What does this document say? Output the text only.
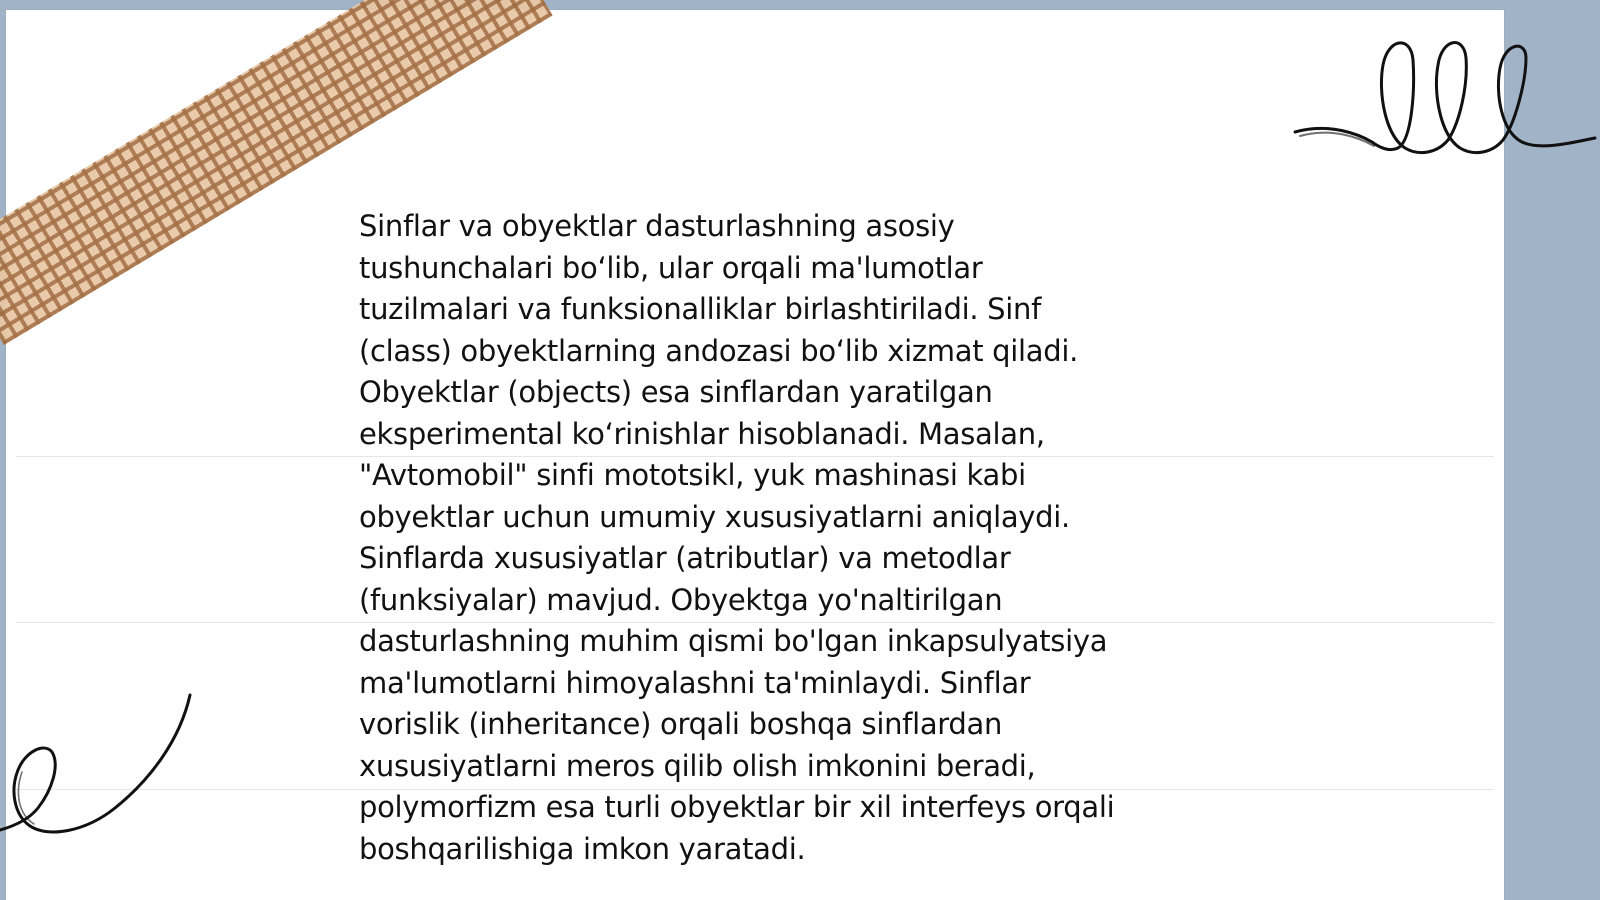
Sinflar va obyektlar dasturlashning asosiy
tushunchalari bo‘lib, ular orqali ma'lumotlar
tuzilmalari va funksionalliklar birlashtiriladi. Sinf
(class) obyektlarning andozasi bo‘lib xizmat qiladi.
Obyektlar (objects) esa sinflardan yaratilgan
eksperimental ko‘rinishlar hisoblanadi. Masalan,
"Avtomobil" sinfi mototsikl, yuk mashinasi kabi
obyektlar uchun umumiy xususiyatlarni aniqlaydi.
Sinflarda xususiyatlar (atributlar) va metodlar
(funksiyalar) mavjud. Obyektga yo'naltirilgan
dasturlashning muhim qismi bo'lgan inkapsulyatsiya
ma'lumotlarni himoyalashni ta'minlaydi. Sinflar
vorislik (inheritance) orqali boshqa sinflardan
xususiyatlarni meros qilib olish imkonini beradi,
polymorfizm esa turli obyektlar bir xil interfeys orqali
boshqarilishiga imkon yaratadi.
